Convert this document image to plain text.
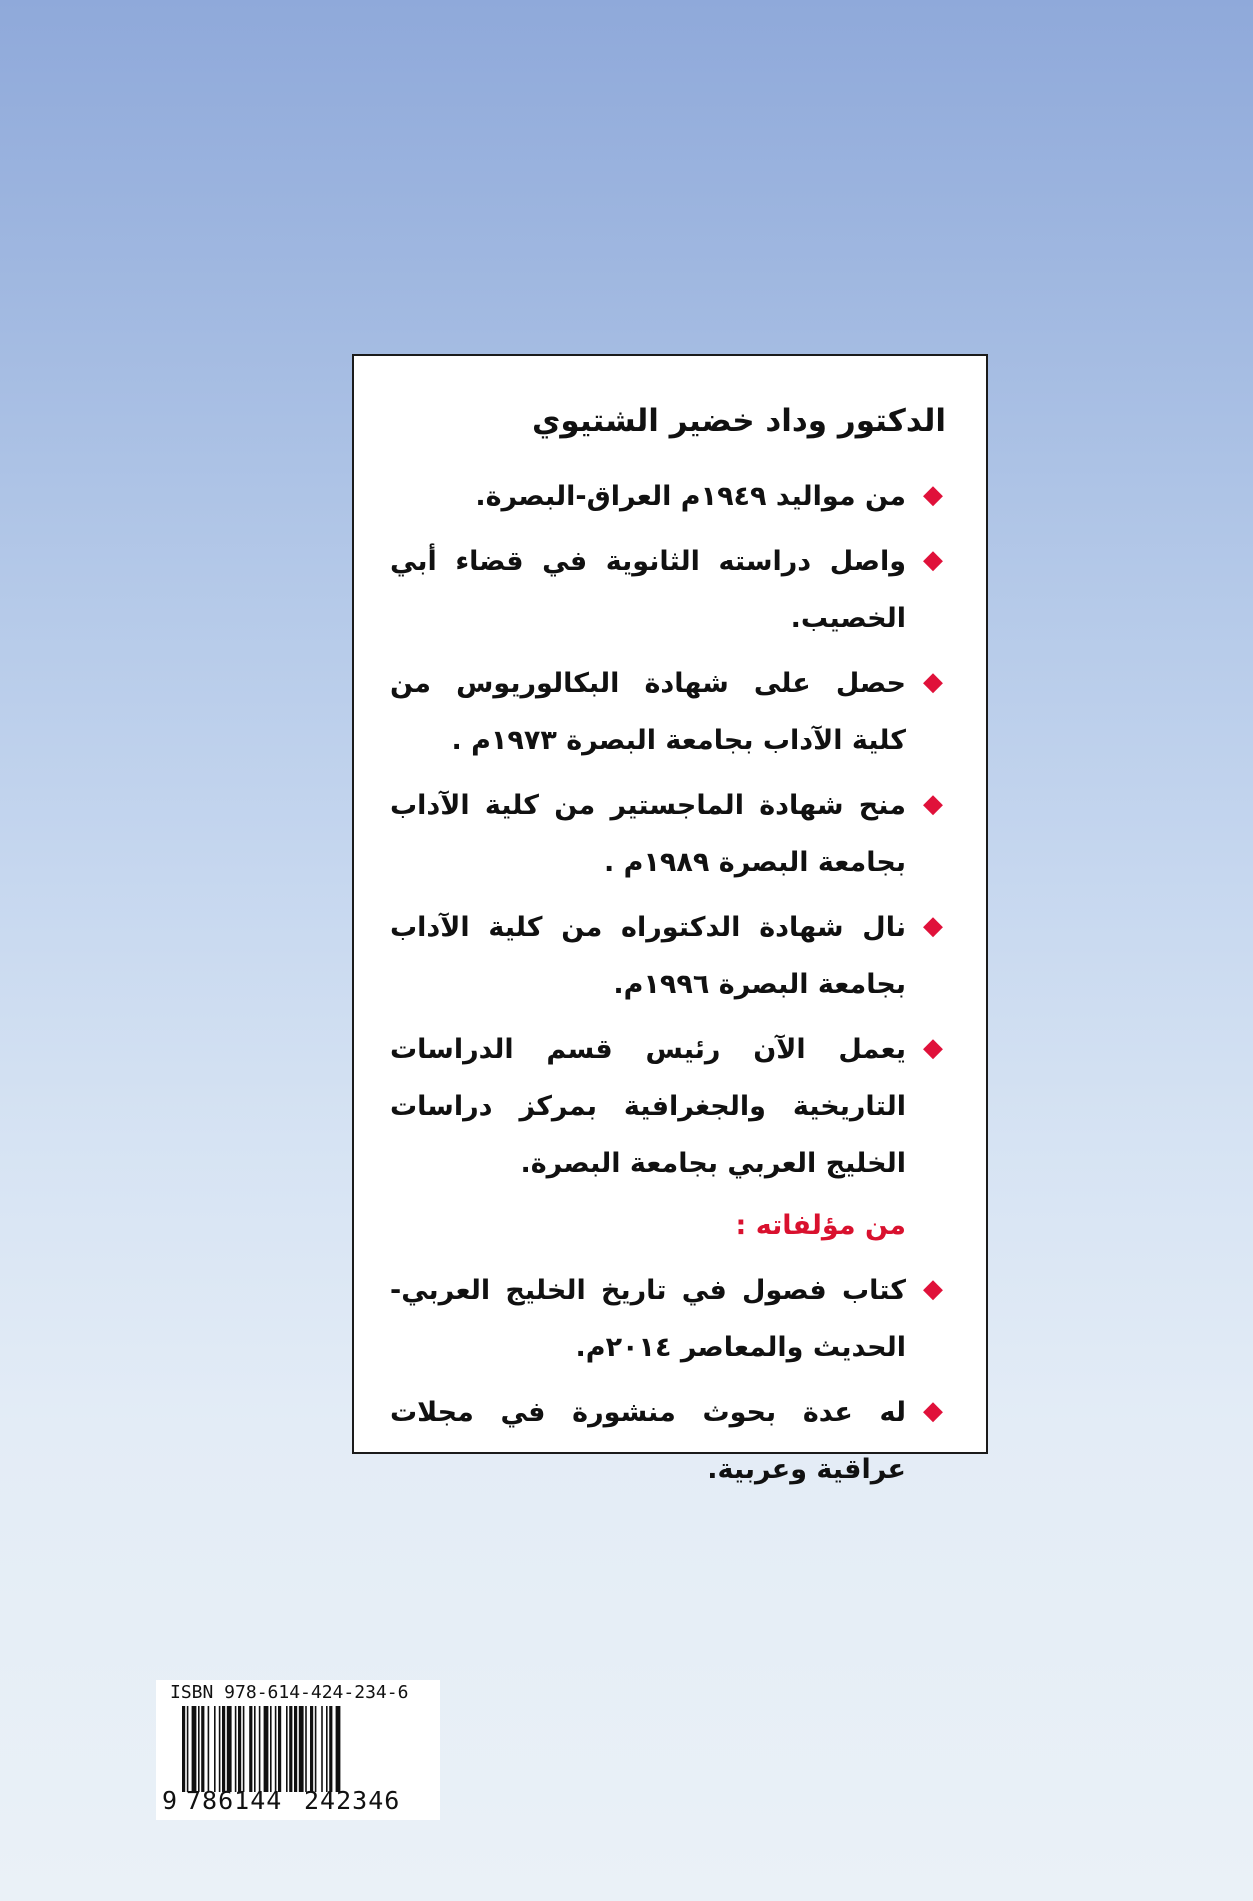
الدكتور وداد خضير الشتيوي
◆
من مواليد ١٩٤٩م العراق-البصرة.
◆
واصل دراسته الثانوية في قضاء أبي الخصيب.
◆
حصل على شهادة البكالوريوس من كلية الآداب بجامعة البصرة ١٩٧٣م .
◆
منح شهادة الماجستير من كلية الآداب بجامعة البصرة ١٩٨٩م .
◆
نال شهادة الدكتوراه من كلية الآداب بجامعة البصرة ١٩٩٦م.
◆
يعمل الآن رئيس قسم الدراسات التاريخية والجغرافية بمركز دراسات الخليج العربي بجامعة البصرة.
من مؤلفاته :
◆
كتاب فصول في تاريخ الخليج العربي-الحديث والمعاصر ٢٠١٤م.
◆
له عدة بحوث منشورة في مجلات عراقية وعربية.
ISBN 978-614-424-234-6
9 786144 242346
